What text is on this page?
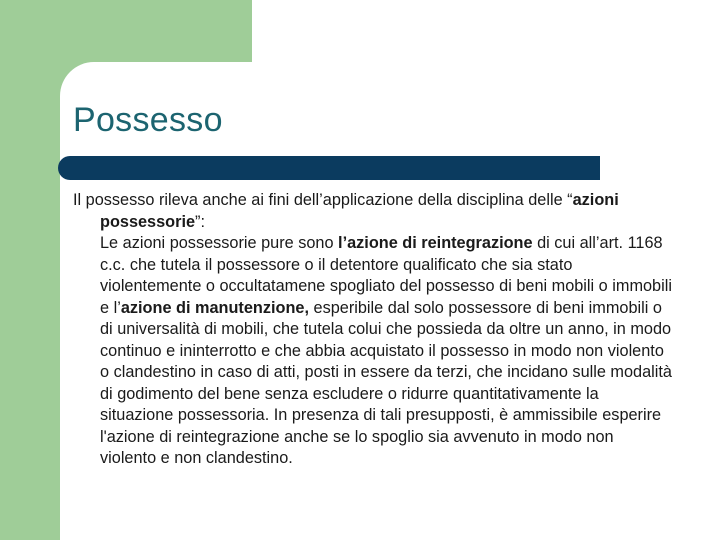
Possesso

Il possesso rileva anche ai fini dell’applicazione della disciplina delle “azioni possessorie”:

Le azioni possessorie pure sono l’azione di reintegrazione di cui all’art. 1168 c.c. che tutela il possessore o il detentore qualificato che sia stato violentemente o occultatamene spogliato del possesso di beni mobili o immobili e l’azione di manutenzione, esperibile dal solo possessore di beni immobili o di universalità di mobili, che tutela colui che possieda da oltre un anno, in modo continuo e ininterrotto e che abbia acquistato il possesso in modo non violento o clandestino in caso di atti, posti in essere da terzi, che incidano sulle modalità di godimento del bene senza escludere o ridurre quantitativamente la situazione possessoria. In presenza di tali presupposti, è ammissibile esperire l'azione di reintegrazione anche se lo spoglio sia avvenuto in modo non violento e non clandestino.
